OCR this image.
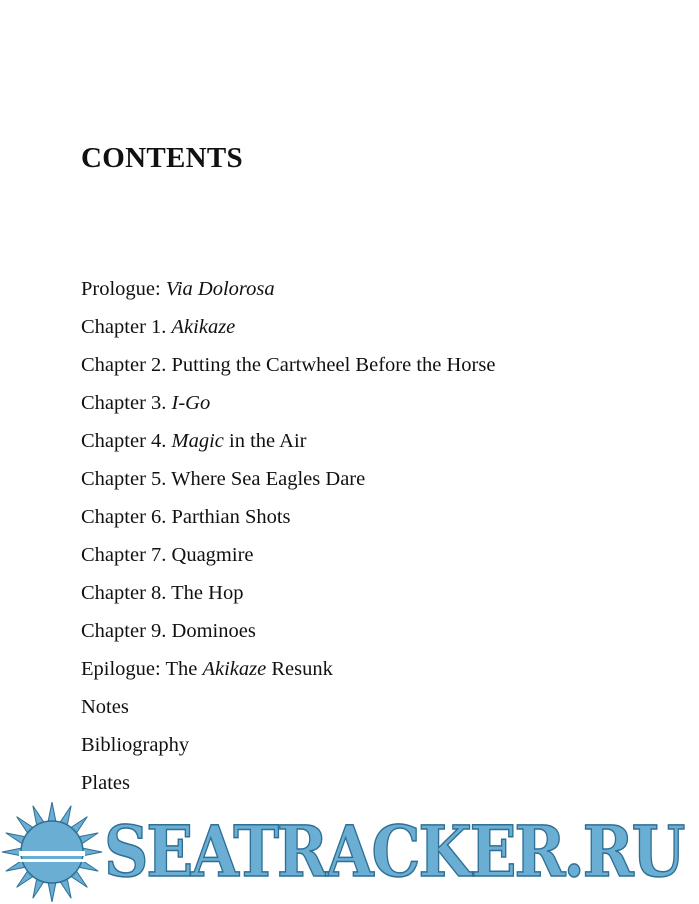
CONTENTS
Prologue: Via Dolorosa
Chapter 1. Akikaze
Chapter 2. Putting the Cartwheel Before the Horse
Chapter 3. I-Go
Chapter 4. Magic in the Air
Chapter 5. Where Sea Eagles Dare
Chapter 6. Parthian Shots
Chapter 7. Quagmire
Chapter 8. The Hop
Chapter 9. Dominoes
Epilogue: The Akikaze Resunk
Notes
Bibliography
Plates
SEATRACKER.RU
